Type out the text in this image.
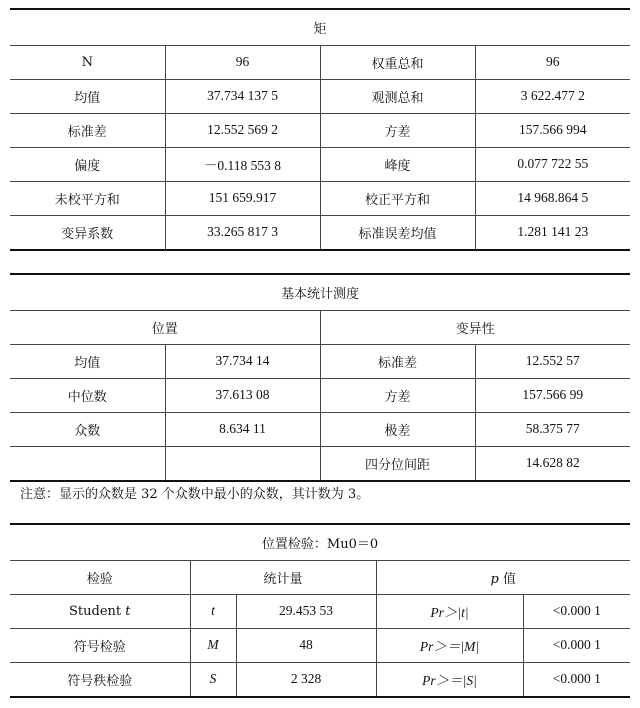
矩			
N	96	权重总和	96
均值	37.734 137 5	观测总和	3 622.477 2
标准差	12.552 569 2	方差	157.566 994
偏度	－0.118 553 8	峰度	0.077 722 55
未校平方和	151 659.917	校正平方和	14 968.864 5
变异系数	33.265 817 3	标准误差均值	1.281 141 23
基本统计测度			
位置		变异性	
均值	37.734 14	标准差	12.552 57
中位数	37.613 08	方差	157.566 99
众数	8.634 11	极差	58.375 77
		四分位间距	14.628 82
注意：显示的众数是 32 个众数中最小的众数，其计数为 3。
位置检验：Mu0＝0				
检验	统计量		p 值	
Student t	t	29.453 53	Pr＞|t|	<0.000 1
符号检验	M	48	Pr＞＝|M|	<0.000 1
符号秩检验	S	2 328	Pr＞＝|S|	<0.000 1
